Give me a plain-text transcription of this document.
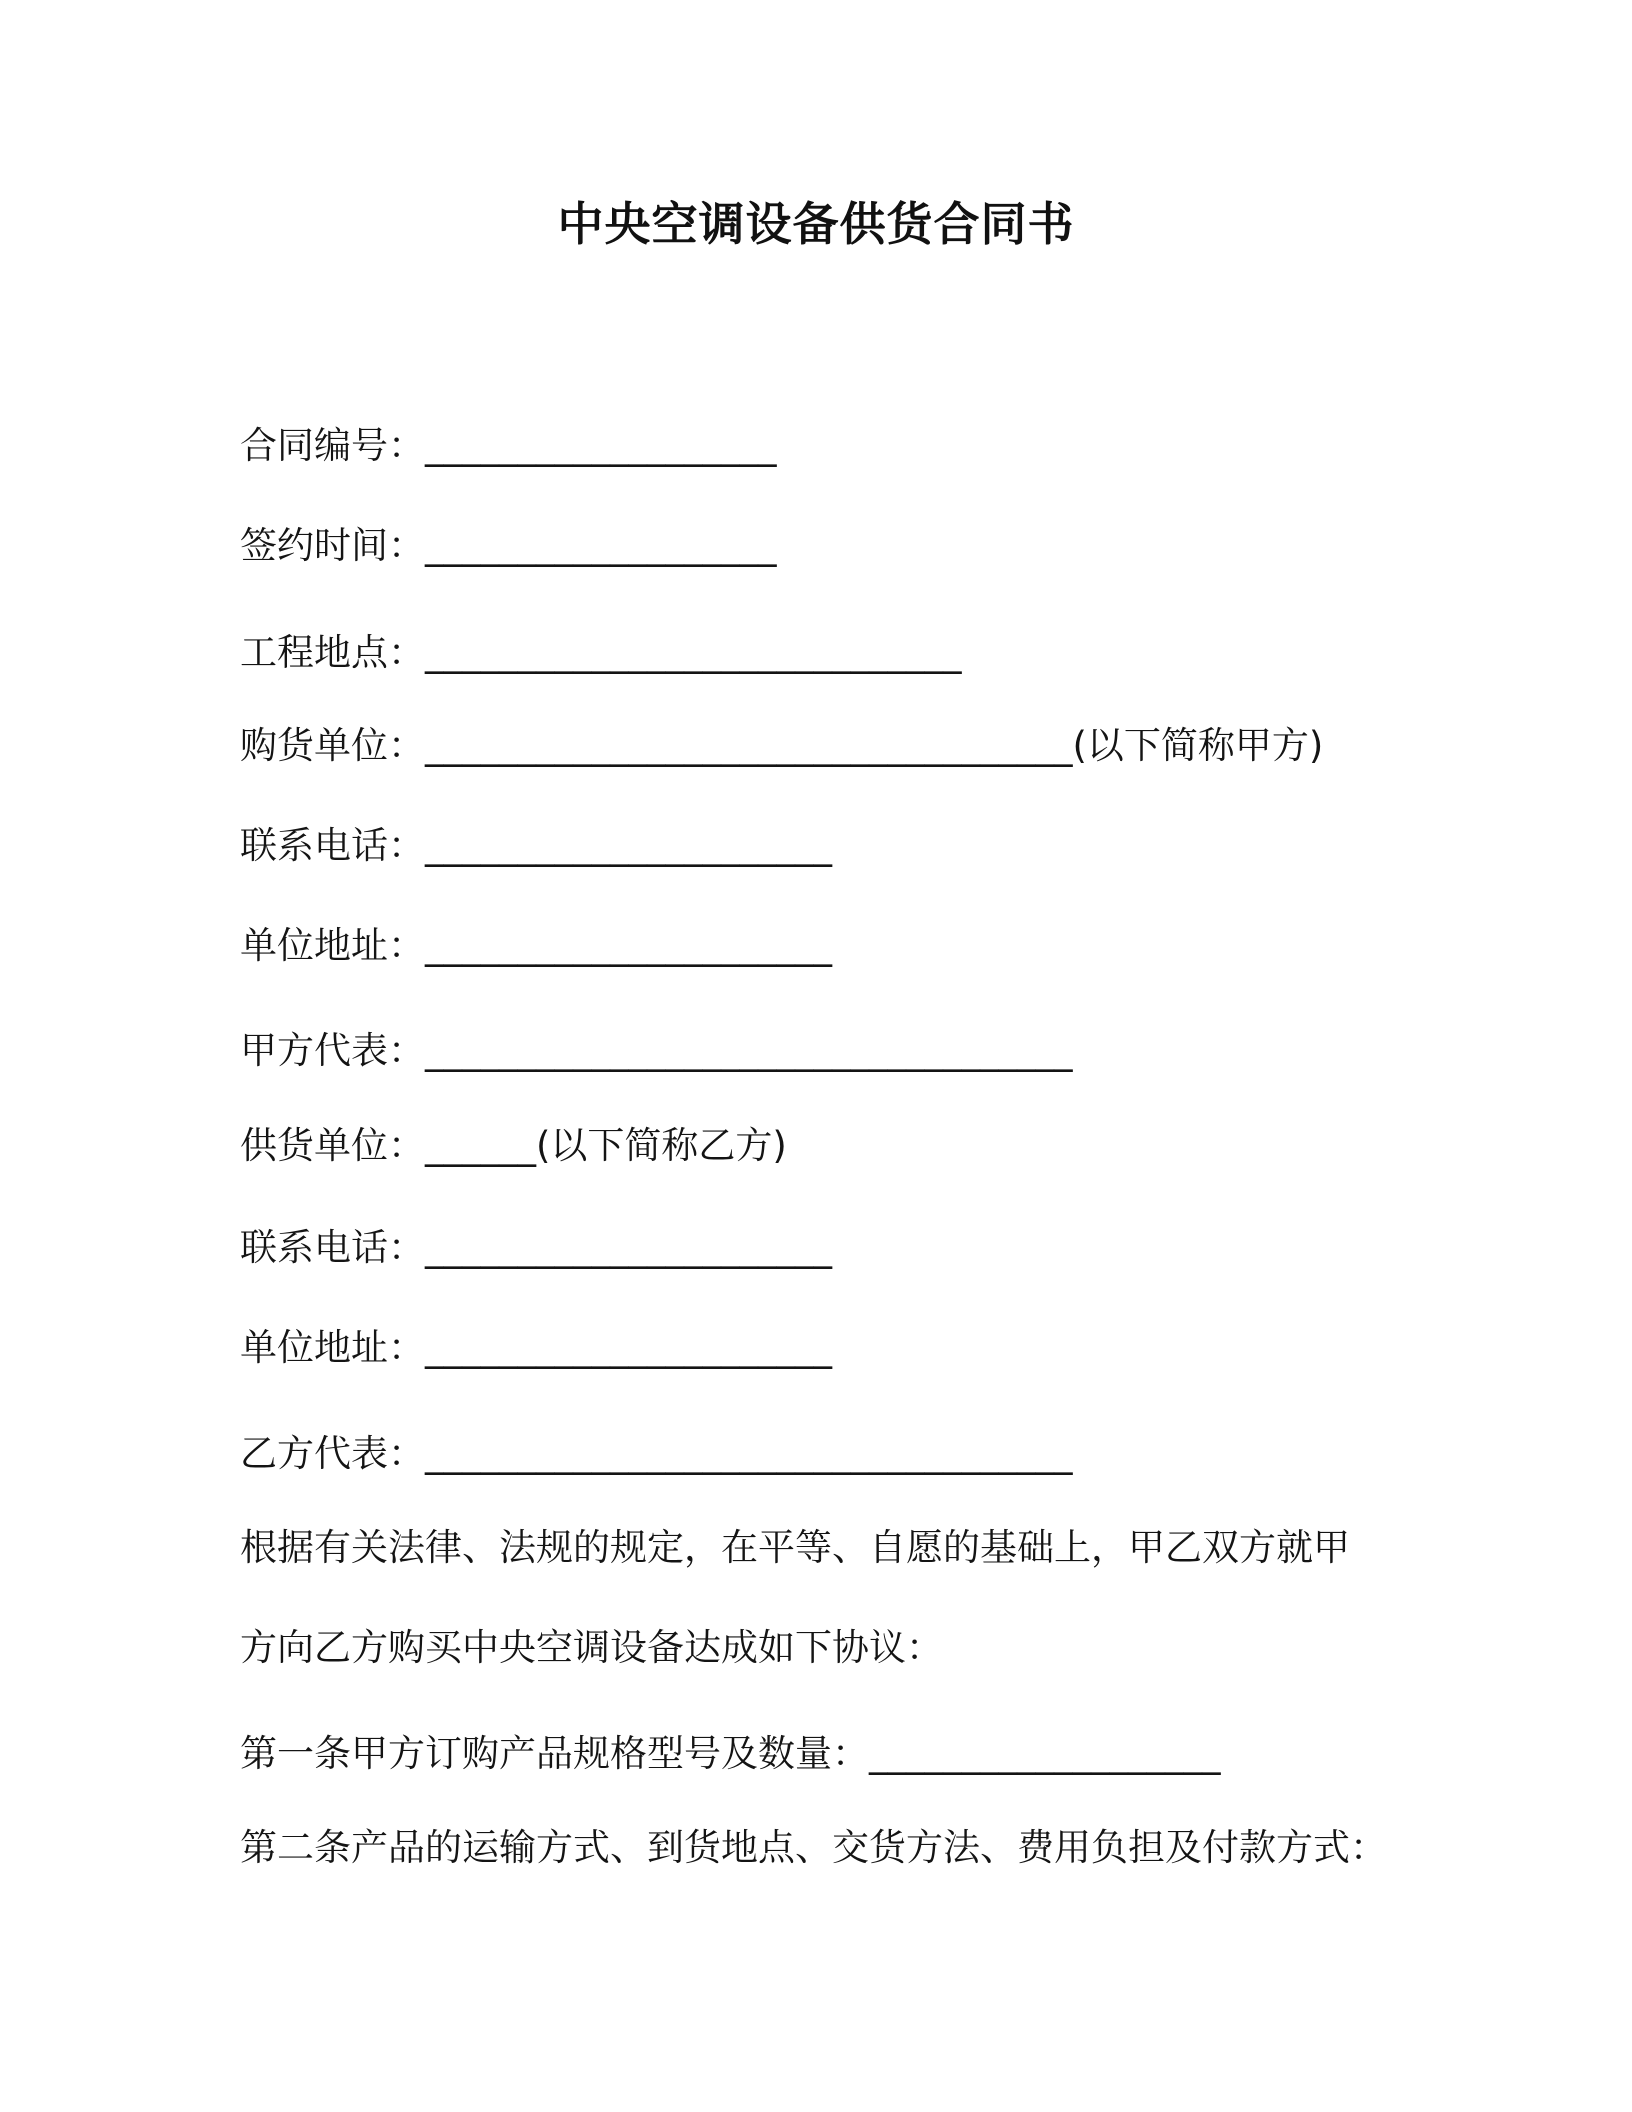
中央空调设备供货合同书
合同编号：___________________
签约时间：___________________
工程地点：_____________________________
购货单位：___________________________________(以下简称甲方)
联系电话：______________________
单位地址：______________________
甲方代表：___________________________________
供货单位：______(以下简称乙方)
联系电话：______________________
单位地址：______________________
乙方代表：___________________________________
根据有关法律、法规的规定，在平等、自愿的基础上，甲乙双方就甲
方向乙方购买中央空调设备达成如下协议：
第一条甲方订购产品规格型号及数量：___________________
第二条产品的运输方式、到货地点、交货方法、费用负担及付款方式：
